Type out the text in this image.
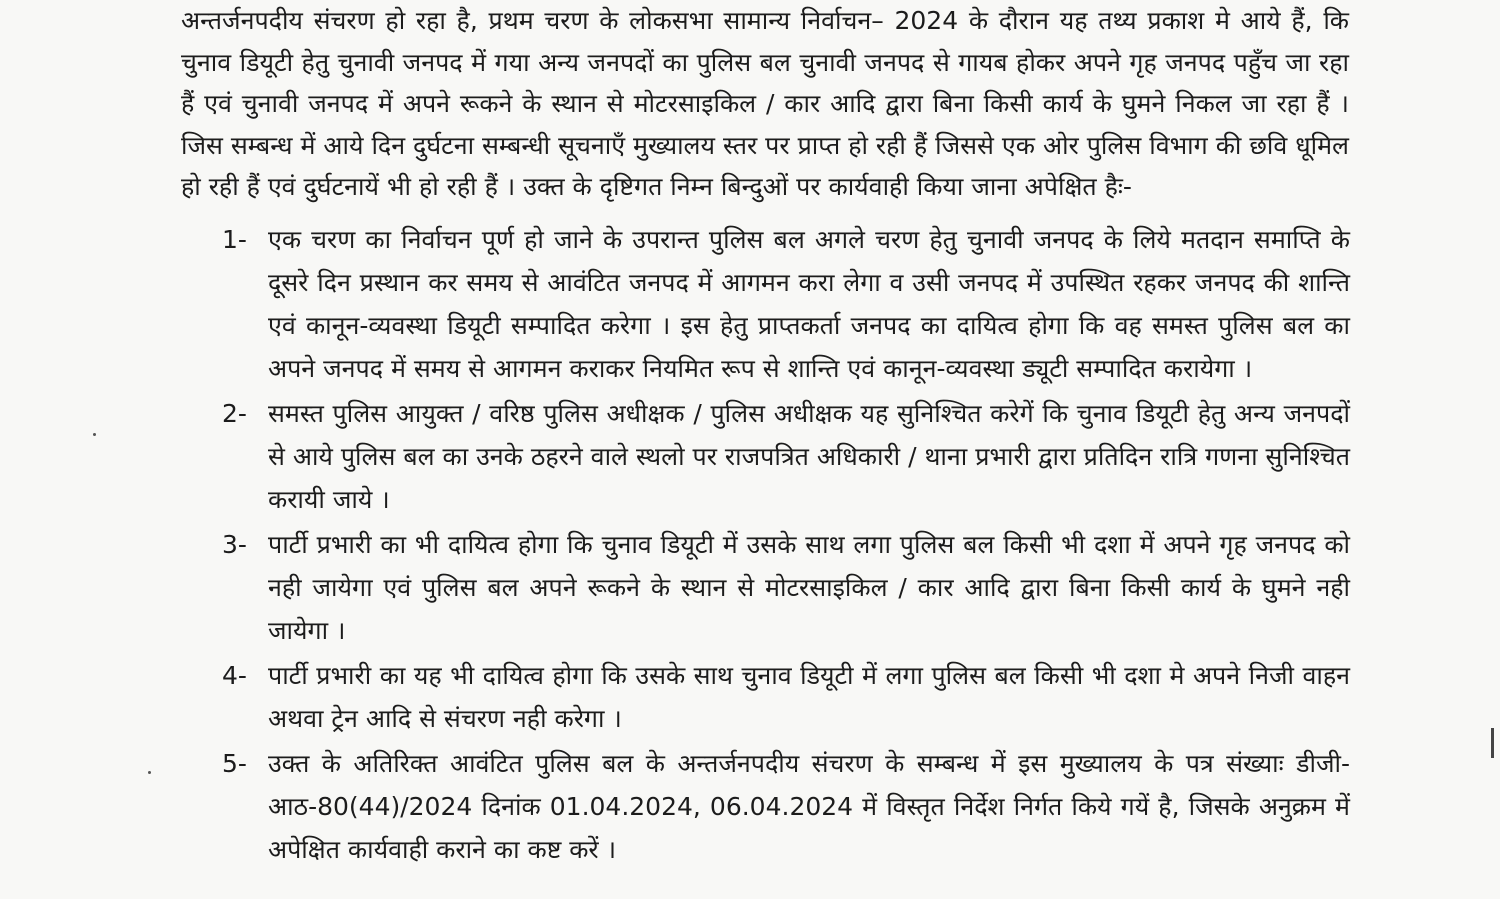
अन्तर्जनपदीय संचरण हो रहा है, प्रथम चरण के लोकसभा सामान्य निर्वाचन– 2024 के दौरान यह तथ्य प्रकाश मे आये हैं, कि चुनाव डियूटी हेतु चुनावी जनपद में गया अन्य जनपदों का पुलिस बल चुनावी जनपद से गायब होकर अपने गृह जनपद पहुँच जा रहा हैं एवं चुनावी जनपद में अपने रूकने के स्थान से मोटरसाइकिल / कार आदि द्वारा बिना किसी कार्य के घुमने निकल जा रहा हैं । जिस सम्बन्ध में आये दिन दुर्घटना सम्बन्धी सूचनाएँ मुख्यालय स्तर पर प्राप्त हो रही हैं जिससे एक ओर पुलिस विभाग की छवि धूमिल हो रही हैं एवं दुर्घटनायें भी हो रही हैं । उक्त के दृष्टिगत निम्न बिन्दुओं पर कार्यवाही किया जाना अपेक्षित हैः-

1- एक चरण का निर्वाचन पूर्ण हो जाने के उपरान्त पुलिस बल अगले चरण हेतु चुनावी जनपद के लिये मतदान समाप्ति के दूसरे दिन प्रस्थान कर समय से आवंटित जनपद में आगमन करा लेगा व उसी जनपद में उपस्थित रहकर जनपद की शान्ति एवं कानून-व्यवस्था डियूटी सम्पादित करेगा । इस हेतु प्राप्तकर्ता जनपद का दायित्व होगा कि वह समस्त पुलिस बल का अपने जनपद में समय से आगमन कराकर नियमित रूप से शान्ति एवं कानून-व्यवस्था ड्यूटी सम्पादित करायेगा ।
2- समस्त पुलिस आयुक्त / वरिष्ठ पुलिस अधीक्षक / पुलिस अधीक्षक यह सुनिश्चित करेगें कि चुनाव डियूटी हेतु अन्य जनपदों से आये पुलिस बल का उनके ठहरने वाले स्थलो पर राजपत्रित अधिकारी / थाना प्रभारी द्वारा प्रतिदिन रात्रि गणना सुनिश्चित करायी जाये ।
3- पार्टी प्रभारी का भी दायित्व होगा कि चुनाव डियूटी में उसके साथ लगा पुलिस बल किसी भी दशा में अपने गृह जनपद को नही जायेगा एवं पुलिस बल अपने रूकने के स्थान से मोटरसाइकिल / कार आदि द्वारा बिना किसी कार्य के घुमने नही जायेगा ।
4- पार्टी प्रभारी का यह भी दायित्व होगा कि उसके साथ चुनाव डियूटी में लगा पुलिस बल किसी भी दशा मे अपने निजी वाहन अथवा ट्रेन आदि से संचरण नही करेगा ।
5- उक्त के अतिरिक्त आवंटित पुलिस बल के अन्तर्जनपदीय संचरण के सम्बन्ध में इस मुख्यालय के पत्र संख्याः डीजी-आठ-80(44)/2024 दिनांक 01.04.2024, 06.04.2024 में विस्तृत निर्देश निर्गत किये गयें है, जिसके अनुक्रम में अपेक्षित कार्यवाही कराने का कष्ट करें ।
